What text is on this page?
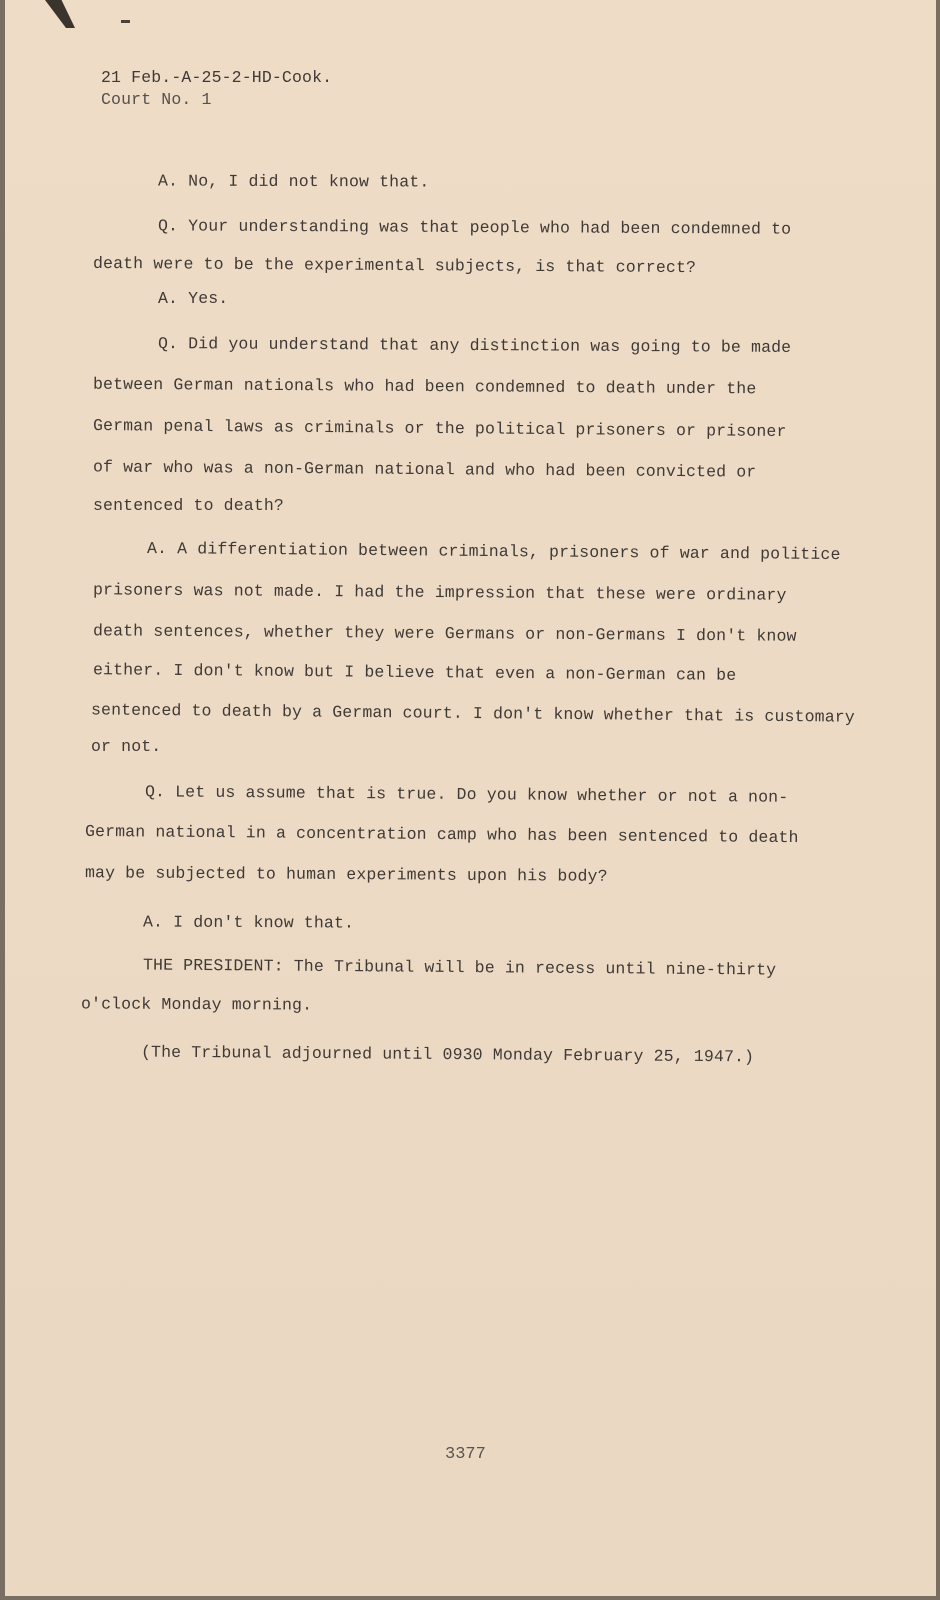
21 Feb.-A-25-2-HD-Cook.

Court No. 1

A. No, I did not know that.

Q. Your understanding was that people who had been condemned to

death were to be the experimental subjects, is that correct?

A. Yes.

Q. Did you understand that any distinction was going to be made

between German nationals who had been condemned to death under the

German penal laws as criminals or the political prisoners or prisoner

of war who was a non-German national and who had been convicted or

sentenced to death?

A. A differentiation between criminals, prisoners of war and politice

prisoners was not made. I had the impression that these were ordinary

death sentences, whether they were Germans or non-Germans I don't know

either. I don't know but I believe that even a non-German can be

sentenced to death by a German court. I don't know whether that is customary

or not.

Q. Let us assume that is true. Do you know whether or not a non-

German national in a concentration camp who has been sentenced to death

may be subjected to human experiments upon his body?

A. I don't know that.

THE PRESIDENT: The Tribunal will be in recess until nine-thirty

o'clock Monday morning.

(The Tribunal adjourned until 0930 Monday February 25, 1947.)

3377
